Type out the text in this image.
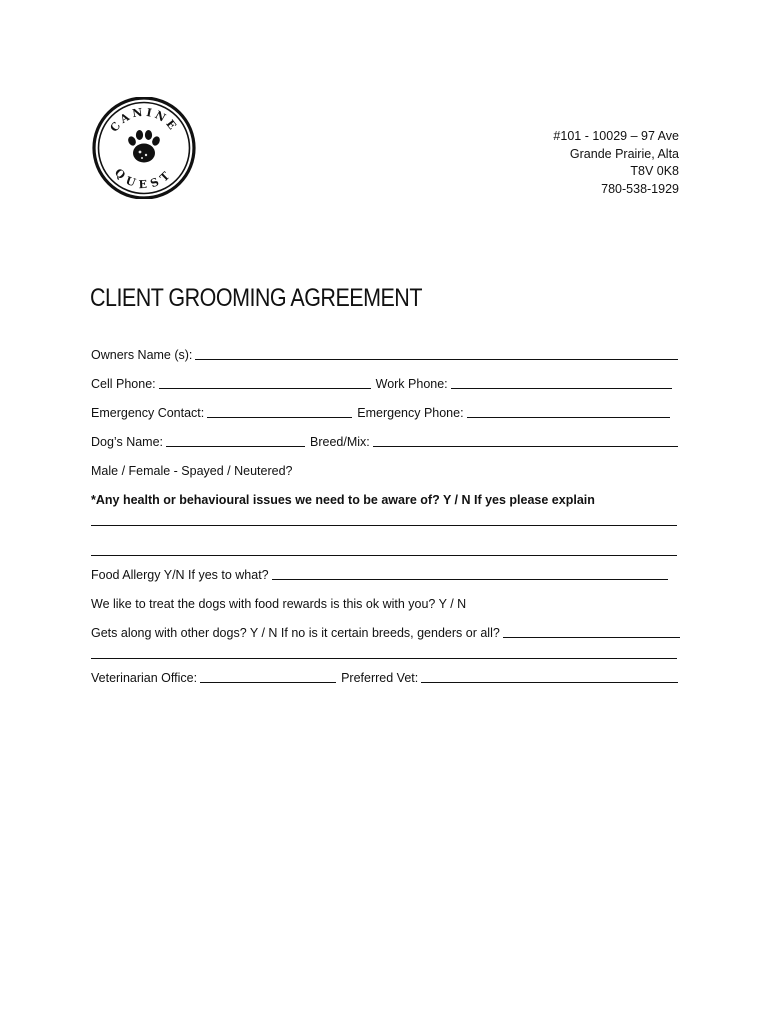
CANINE
QUEST
#101 - 10029 – 97 Ave
Grande Prairie, Alta
T8V 0K8
780-538-1929
CLIENT GROOMING AGREEMENT
Owners Name (s):
Cell Phone:	Work Phone:
Emergency Contact:	Emergency Phone:
Dog’s Name:	Breed/Mix:
Male / Female - Spayed / Neutered?
*Any health or behavioural issues we need to be aware of? Y / N If yes please explain
Food Allergy Y/N If yes to what?
We like to treat the dogs with food rewards is this ok with you? Y / N
Gets along with other dogs? Y / N If no is it certain breeds, genders or all?
Veterinarian Office:	Preferred Vet:
